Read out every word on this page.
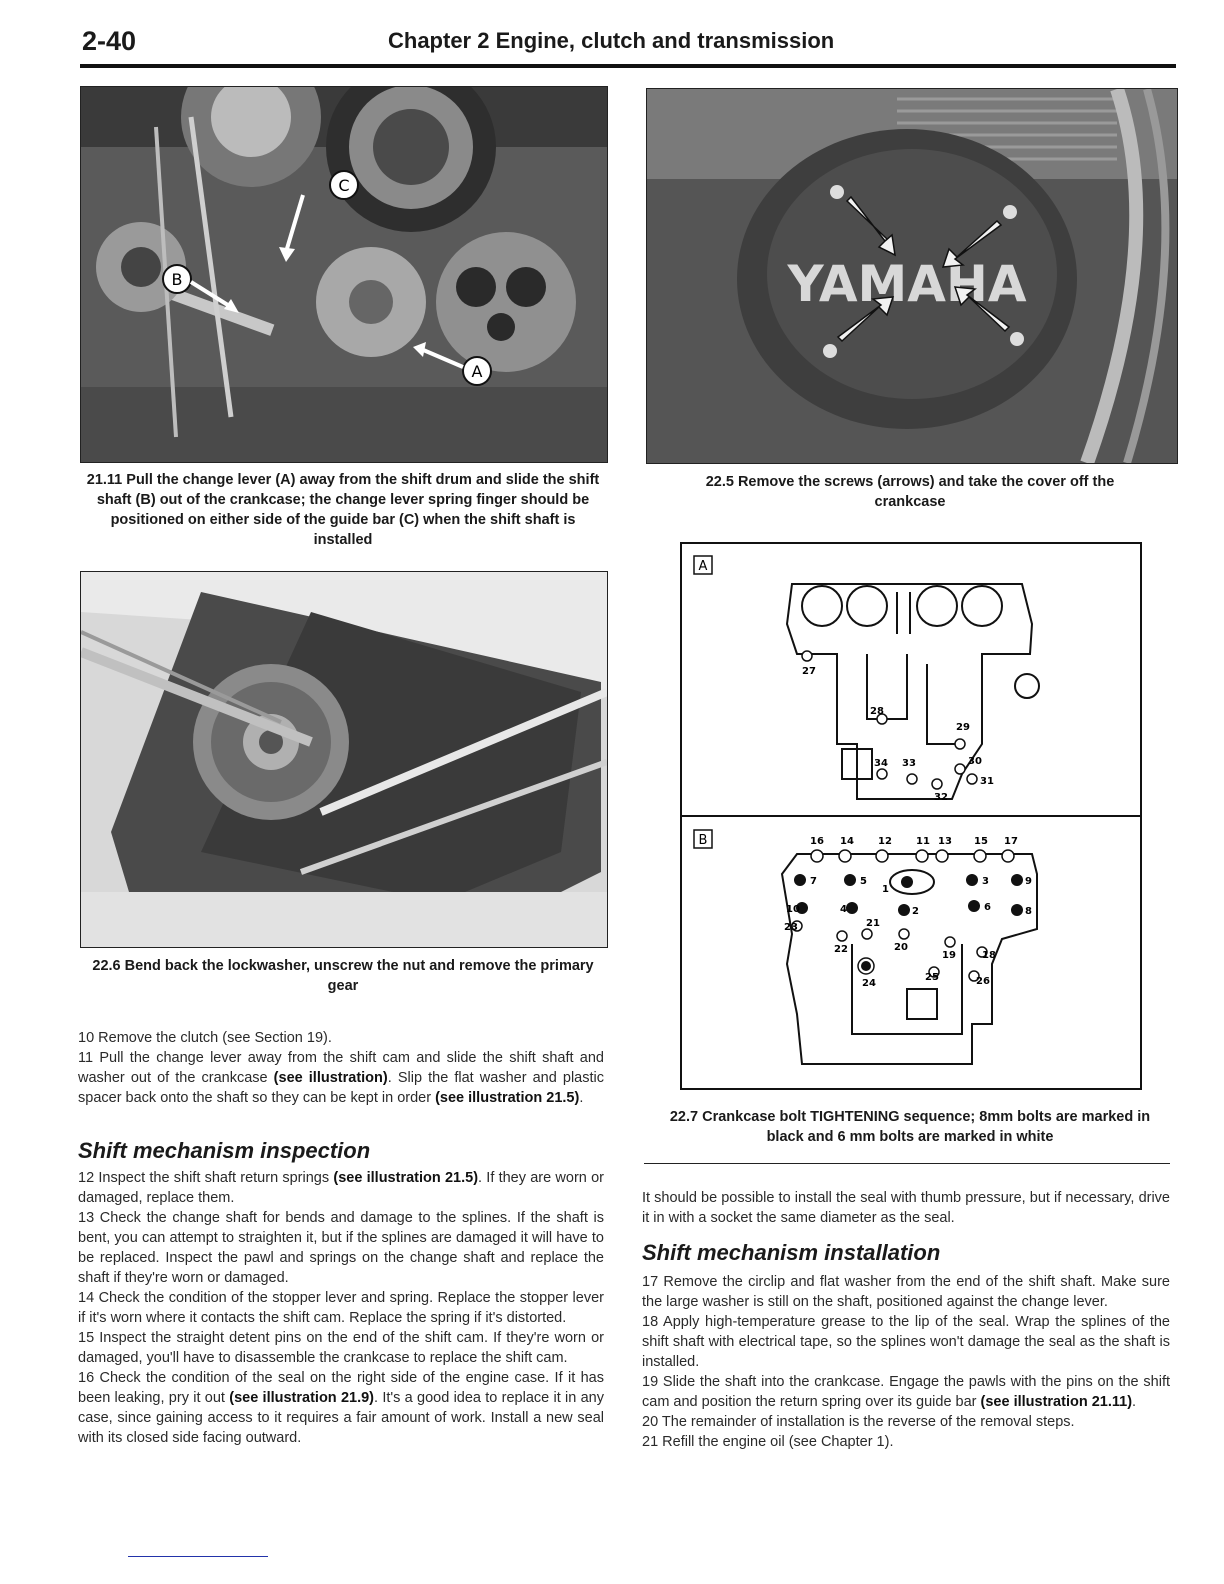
2-40	Chapter 2 Engine, clutch and transmission
C
B
A
21.11 Pull the change lever (A) away from the shift drum and slide the shift shaft (B) out of the crankcase; the change lever spring finger should be positioned on either side of the guide bar (C) when the shift shaft is installed
YAMAHA
22.5 Remove the screws (arrows) and take the cover off the crankcase
22.6 Bend back the lockwasher, unscrew the nut and remove the primary gear
A
27
28
29
30
31
32
33
34
B	16 14 12 11 13 15 17
7	5
1
3	9
10	4	2	6	8
23	21
22	20
19	18
25
24	26
22.7 Crankcase bolt TIGHTENING sequence; 8mm bolts are marked in black and 6 mm bolts are marked in white

10 Remove the clutch (see Section 19).

11 Pull the change lever away from the shift cam and slide the shift shaft and washer out of the crankcase (see illustration). Slip the flat washer and plastic spacer back onto the shaft so they can be kept in order (see illustration 21.5).

Shift mechanism inspection

12 Inspect the shift shaft return springs (see illustration 21.5). If they are worn or damaged, replace them.

13 Check the change shaft for bends and damage to the splines. If the shaft is bent, you can attempt to straighten it, but if the splines are damaged it will have to be replaced. Inspect the pawl and springs on the change shaft and replace the shaft if they're worn or damaged.

14 Check the condition of the stopper lever and spring. Replace the stopper lever if it's worn where it contacts the shift cam. Replace the spring if it's distorted.

15 Inspect the straight detent pins on the end of the shift cam. If they're worn or damaged, you'll have to disassemble the crankcase to replace the shift cam.

16 Check the condition of the seal on the right side of the engine case. If it has been leaking, pry it out (see illustration 21.9). It's a good idea to replace it in any case, since gaining access to it requires a fair amount of work. Install a new seal with its closed side facing outward.

It should be possible to install the seal with thumb pressure, but if necessary, drive it in with a socket the same diameter as the seal.
Shift mechanism installation

17 Remove the circlip and flat washer from the end of the shift shaft. Make sure the large washer is still on the shaft, positioned against the change lever.

18 Apply high-temperature grease to the lip of the seal. Wrap the splines of the shift shaft with electrical tape, so the splines won't damage the seal as the shaft is installed.

19 Slide the shaft into the crankcase. Engage the pawls with the pins on the shift cam and position the return spring over its guide bar (see illustration 21.11).

20 The remainder of installation is the reverse of the removal steps.

21 Refill the engine oil (see Chapter 1).
